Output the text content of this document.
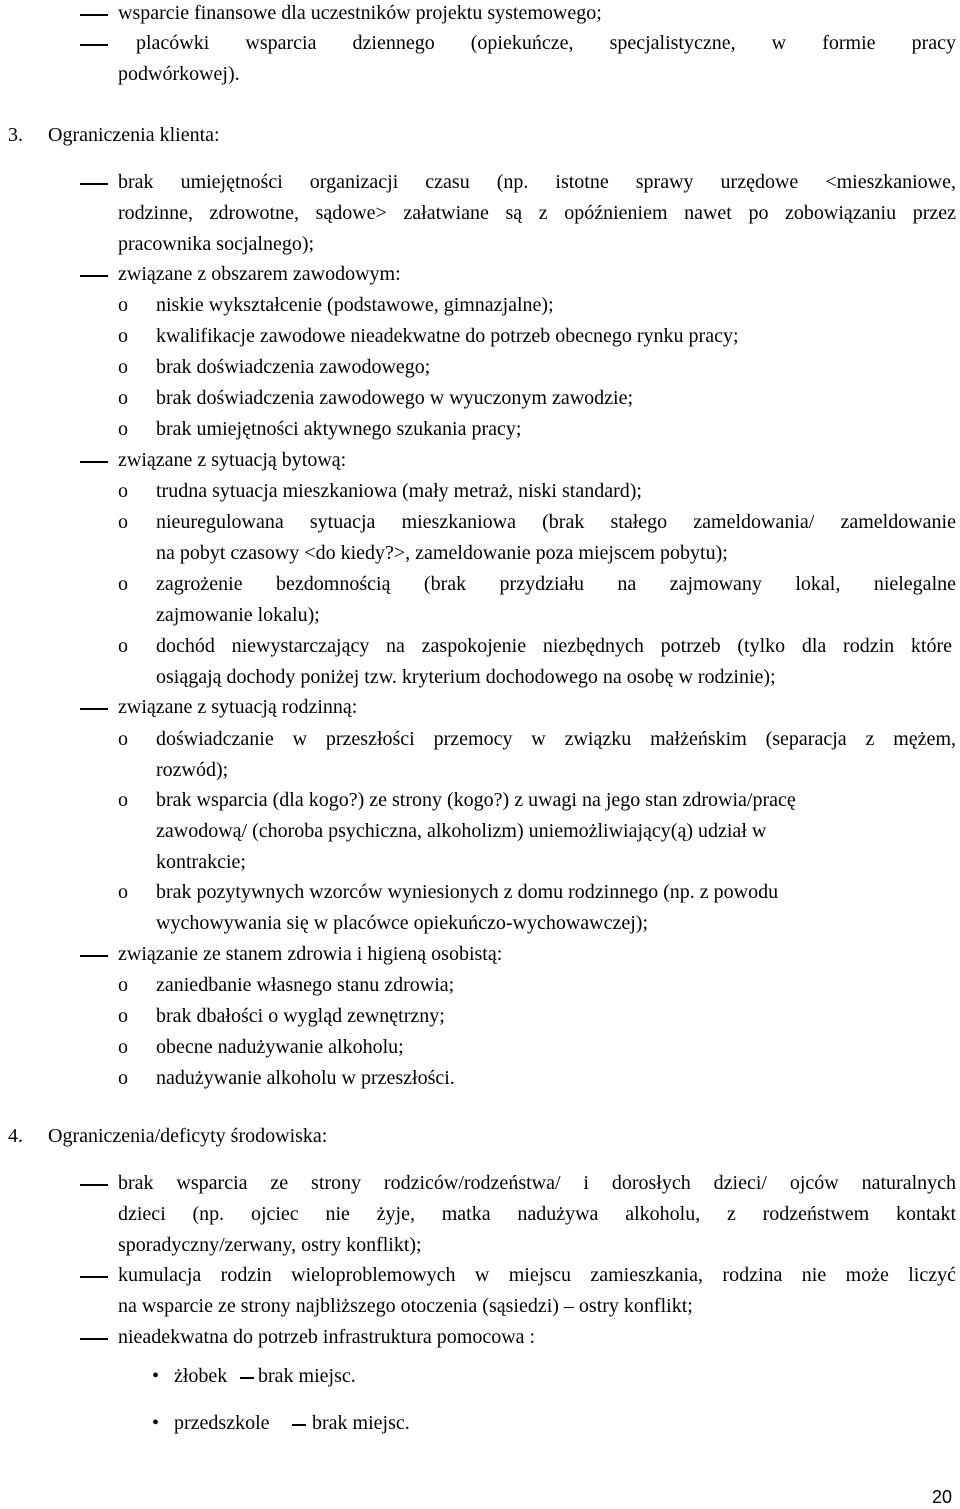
wsparcie finansowe dla uczestników projektu systemowego;
placówki wsparcia dziennego (opiekuńcze, specjalistyczne, w formie pracy
podwórkowej).
3. Ograniczenia klienta:
brak umiejętności organizacji czasu (np. istotne sprawy urzędowe <mieszkaniowe,
rodzinne, zdrowotne, sądowe> załatwiane są z opóźnieniem nawet po zobowiązaniu przez
pracownika socjalnego);
związane z obszarem zawodowym:
o niskie wykształcenie (podstawowe, gimnazjalne);
o kwalifikacje zawodowe nieadekwatne do potrzeb obecnego rynku pracy;
o brak doświadczenia zawodowego;
o brak doświadczenia zawodowego w wyuczonym zawodzie;
o brak umiejętności aktywnego szukania pracy;
związane z sytuacją bytową:
o trudna sytuacja mieszkaniowa (mały metraż, niski standard);
o nieuregulowana sytuacja mieszkaniowa (brak stałego zameldowania/ zameldowanie
na pobyt czasowy <do kiedy?>, zameldowanie poza miejscem pobytu);
o zagrożenie bezdomnością (brak przydziału na zajmowany lokal, nielegalne
zajmowanie lokalu);
o dochód niewystarczający na zaspokojenie niezbędnych potrzeb (tylko dla rodzin które
osiągają dochody poniżej tzw. kryterium dochodowego na osobę w rodzinie);
związane z sytuacją rodzinną:
o doświadczanie w przeszłości przemocy w związku małżeńskim (separacja z mężem,
rozwód);
o brak wsparcia (dla kogo?) ze strony (kogo?) z uwagi na jego stan zdrowia/pracę
zawodową/ (choroba psychiczna, alkoholizm) uniemożliwiający(ą) udział w
kontrakcie;
o brak pozytywnych wzorców wyniesionych z domu rodzinnego (np. z powodu
wychowywania się w placówce opiekuńczo-wychowawczej);
związanie ze stanem zdrowia i higieną osobistą:
o zaniedbanie własnego stanu zdrowia;
o brak dbałości o wygląd zewnętrzny;
o obecne nadużywanie alkoholu;
o nadużywanie alkoholu w przeszłości.
4. Ograniczenia/deficyty środowiska:
brak wsparcia ze strony rodziców/rodzeństwa/ i dorosłych dzieci/ ojców naturalnych
dzieci (np. ojciec nie żyje, matka nadużywa alkoholu, z rodzeństwem kontakt
sporadyczny/zerwany, ostry konflikt);
kumulacja rodzin wieloproblemowych w miejscu zamieszkania, rodzina nie może liczyć
na wsparcie ze strony najbliższego otoczenia (sąsiedzi) – ostry konflikt;
nieadekwatna do potrzeb infrastruktura pomocowa :
• żłobek brak miejsc.
• przedszkole brak miejsc.
20
